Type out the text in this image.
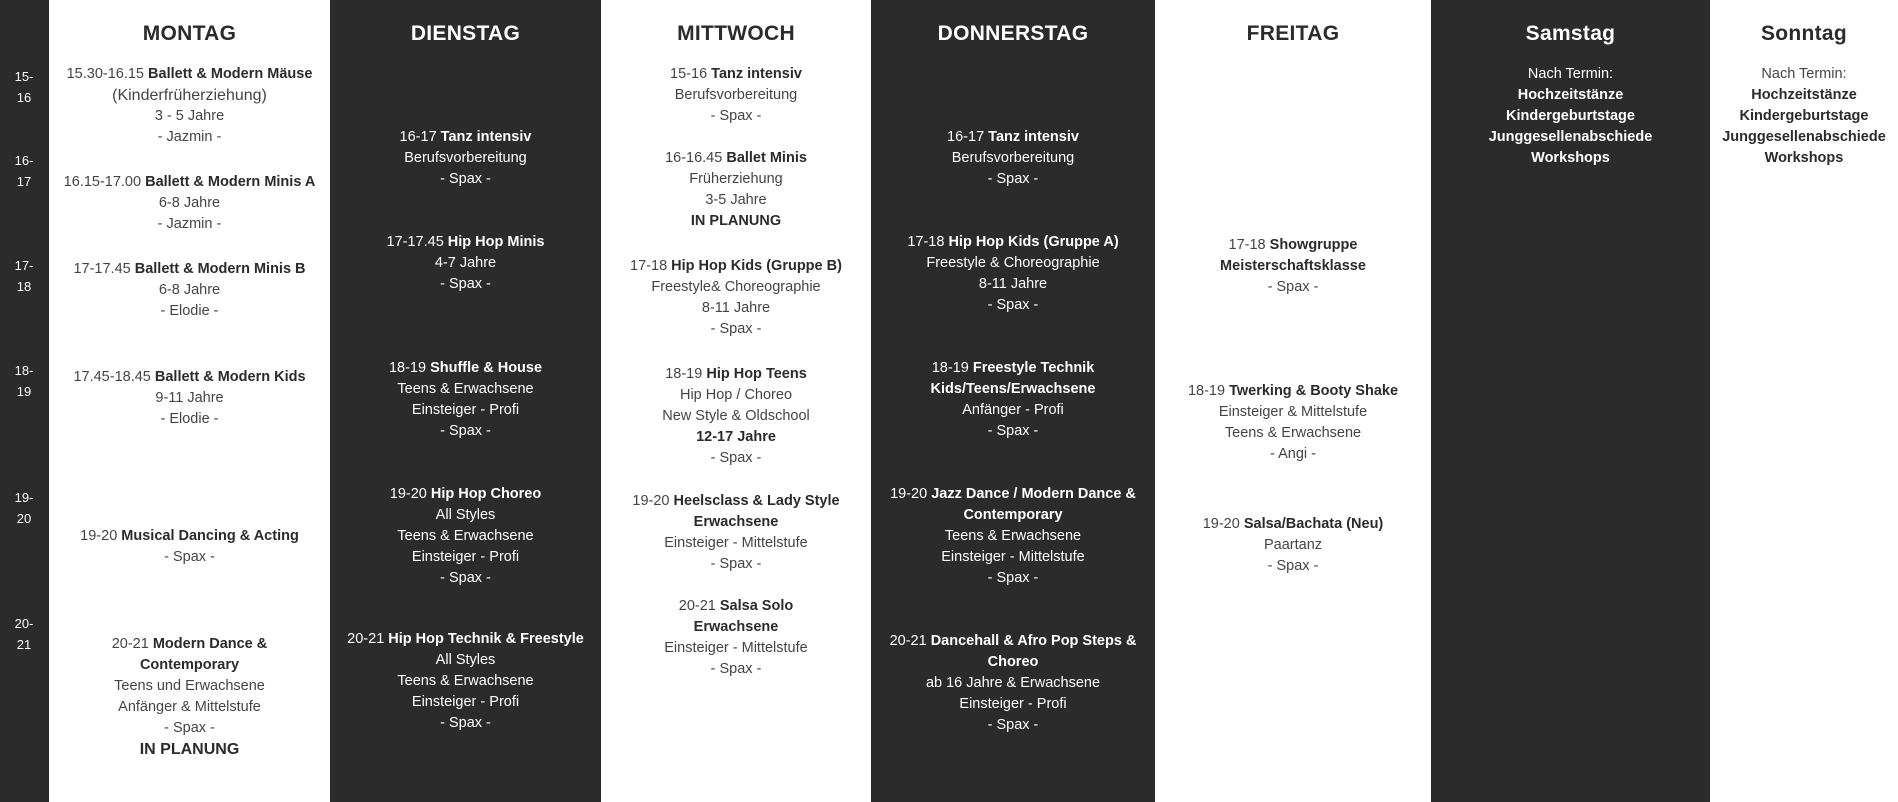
15-
16
16-
17
17-
18
18-
19
19-
20
20-
21
MONTAG
15.30-16.15 Ballett & Modern Mäuse
(Kinderfrüherziehung)
3 - 5 Jahre
- Jazmin -
16.15-17.00 Ballett & Modern Minis A
6-8 Jahre
- Jazmin -
17-17.45 Ballett & Modern Minis B
6-8 Jahre
- Elodie -
17.45-18.45 Ballett & Modern Kids
9-11 Jahre
- Elodie -
19-20 Musical Dancing & Acting
- Spax -
20-21 Modern Dance &
Contemporary
Teens und Erwachsene
Anfänger & Mittelstufe
- Spax -
IN PLANUNG
DIENSTAG
16-17 Tanz intensiv
Berufsvorbereitung
- Spax -
17-17.45 Hip Hop Minis
4-7 Jahre
- Spax -
18-19 Shuffle & House
Teens & Erwachsene
Einsteiger - Profi
- Spax -
19-20 Hip Hop Choreo
All Styles
Teens & Erwachsene
Einsteiger - Profi
- Spax -
20-21 Hip Hop Technik & Freestyle
All Styles
Teens & Erwachsene
Einsteiger - Profi
- Spax -
MITTWOCH
15-16 Tanz intensiv
Berufsvorbereitung
- Spax -
16-16.45 Ballet Minis
Früherziehung
3-5 Jahre
IN PLANUNG
17-18 Hip Hop Kids (Gruppe B)
Freestyle& Choreographie
8-11 Jahre
- Spax -
18-19 Hip Hop Teens
Hip Hop / Choreo
New Style & Oldschool
12-17 Jahre
- Spax -
19-20 Heelsclass & Lady Style
Erwachsene
Einsteiger - Mittelstufe
- Spax -
20-21 Salsa Solo
Erwachsene
Einsteiger - Mittelstufe
- Spax -
DONNERSTAG
16-17 Tanz intensiv
Berufsvorbereitung
- Spax -
17-18 Hip Hop Kids (Gruppe A)
Freestyle & Choreographie
8-11 Jahre
- Spax -
18-19 Freestyle Technik
Kids/Teens/Erwachsene
Anfänger - Profi
- Spax -
19-20 Jazz Dance / Modern Dance &
Contemporary
Teens & Erwachsene
Einsteiger - Mittelstufe
- Spax -
20-21 Dancehall & Afro Pop Steps &
Choreo
ab 16 Jahre & Erwachsene
Einsteiger - Profi
- Spax -
FREITAG
17-18 Showgruppe
Meisterschaftsklasse
- Spax -
18-19 Twerking & Booty Shake
Einsteiger & Mittelstufe
Teens & Erwachsene
- Angi -
19-20 Salsa/Bachata (Neu)
Paartanz
- Spax -
Samstag
Nach Termin:
Hochzeitstänze
Kindergeburtstage
Junggesellenabschiede
Workshops
Sonntag
Nach Termin:
Hochzeitstänze
Kindergeburtstage
Junggesellenabschiede
Workshops
